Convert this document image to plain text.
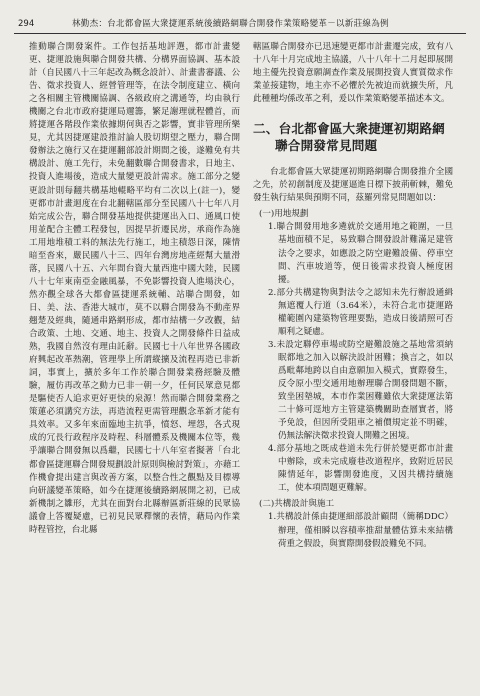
294	林勤杰：台北都會區大衆捷運系統後續路網聯合開發作業策略變革－以新莊線為例

推動聯合開發案件。工作包括基地評選，都市計畫變更、捷運設施與聯合開發共構、分構界面協調、基本設計（自民國八十三年起改為概念設計）、計畫書審議、公告、徵求投資人、經營管理等，在法令制度建立、橫向之各相關主管機關協調、各級政府之溝通等，均由執行機關之台北市政府捷運局邇籌，繁足謝理就程體首，而將捷運各階段作業依據期何與否之影響，實非管理所樂見，尤其因捷運建設推討論人股切期望之壓力，聯合開發辦法之施行又在捷運翻部設計期間之後，遂難免有共構設計、施工先行，未免翻數聯合開發書求，日地主、投資人進場後，造成大量變更設計需求。施工部分之變更設計則每翻共構基地輥略平均有二次以上(註一)，變更都市計畫迴度在台北翻轄區部分至民國八十七年八月始完成公告，聯合開發基地提供捷運出入口、通風口使用並配合主體工程發包，因提早折遷民房，承商作為施工用地堆積工料的無法先行施工，地主積怨日深，陳情暗至沓來，嚴民國八十三、四年台灣房地產經幫大量滑落，民國八十五、六年間台資大量西進中國大陸，民國八十七年東南亞金融風暴，不免影響投資人進場決心，然亦觀全球各大都會區捷運系統輔、站聯合開發，如日、美、法、香港大城市，莫不以聯合開發為不動產界翹楚及經典，隨通串路網形成，都市結構一夕改觀，結合政策、土地、交通、地主、投資人之開發條件日益成熟，我國自然沒有理由託辭。民國七十八年世界各國政府興起改革熱潮，管理學上所謂縱擴及流程再造已非新詞，事實上，擴於多年工作於聯合開發業務經驗及體驗，履仿再改革之動力已非一朝一夕，任何民眾意見都是驅使否人追求更好更快的泉源！然而聯合開發業務之策蓮必須講究方法，再造流程更需管理觀念革新才能有具效率。又多年來面臨地主抗爭，憤怒、埋怨，各式現成的冗長行政程序及時程、科層體系及機關本位等，幾乎讓聯合開發無以爲繼，民國七十八年室者擬著「台北都會區捷運聯合開發規劃設計原則與檢討對策」，亦藉工作機會提出建言與改善方案，以整合性之觀點及目標導向研議變革策略，如今在捷運後續路網展開之初，已成新機制之雛形，尤其在面對台北縣辦區新莊線的民眾協議會上答覆疑慮，已初見民眾釋懷的表情，藉局內作業時程管控，台北縣

轄區聯合開發亦已迅速變更都市計畫遷完成，致有八十八年十月完成地主協議，八十八年十二月起即展開地主優先投資意願調查作業及展開投資人實質徵求作業並接建物，地主亦不必懼於先被迫而就擴失所，凡此種種均係改革之利，爰以作業策略變革描述本文。

二、台北都會區大衆捷運初期路網
聯合開發常見問題

台北都會區大眾捷運初期路網聯合開發推介全國之先，於初創制度及捷運逼進日標下披荊斬棘，難免發生執行結果與預期不同，茲羅列常見問題如以：

(一)用地規劃

1.聯合開發用地多遴就於交通用地之範圍，一旦基地面積不足，易致聯合開發設計難滿足建管法令之要求，如應設之防空避難設備、停車空間、汽車坡道等，便日後需求投資人極度困擾。

2.部分共構建物與對法令之認知未先行辦設通緝無遮覆人行道（3.64米），未符合北市捷運路權範圍內建築物管理要點，造成日後請照可否順利之疑慮。

3.未設定聯停車場或防空避難設施之基地常須納眠都地之加入以解決設計困難；換言之，如以爲毗鄰地跨以自由意願加入模式，實際發生，反令原小型交通用地辦理聯合開發問題不斷，致坐困墊城，本市作業困難雖依大衆捷運法第二十條可逕地方主管建築機關助查層實者，將予免設，但因所受阻車之補價規定並不明確，仍無法解決徵求投資人開難之困境。

4.部分基地之既成巷道未先行併於變更都市計畫中辦除，或未完成廢巷改道程序，致附近居民陳情延年，影響開發進度，又因共構持續施工，使本項問題更難解。

(二)共構設計與施工

1.共構設計係由捷運細部設計顧問（簡稱DDC）辦理，僅相瞬以容積率推甜量體估算未來結構荷重之假設，與實際開發假設難免不同。
